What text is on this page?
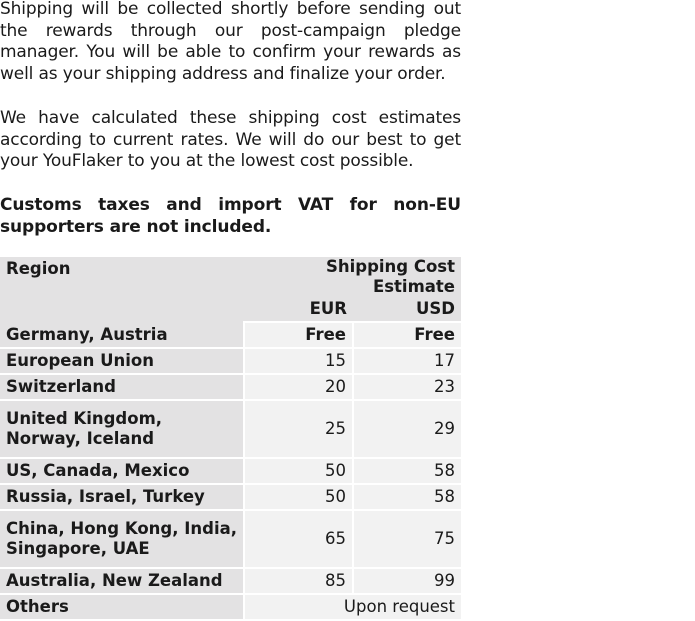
Shipping will be collected shortly before sending out the rewards through our post-campaign pledge manager. You will be able to confirm your rewards as well as your shipping address and finalize your order.

We have calculated these shipping cost estimates according to current rates. We will do our best to get your YouFlaker to you at the lowest cost possible.

Customs taxes and import VAT for non-EU supporters are not included.

Region	Shipping Cost Estimate	
	EUR	USD
Germany, Austria	Free	Free
European Union	15	17
Switzerland	20	23
United Kingdom, Norway, Iceland	25	29
US, Canada, Mexico	50	58
Russia, Israel, Turkey	50	58
China, Hong Kong, India, Singapore, UAE	65	75
Australia, New Zealand	85	99
Others	Upon request	
